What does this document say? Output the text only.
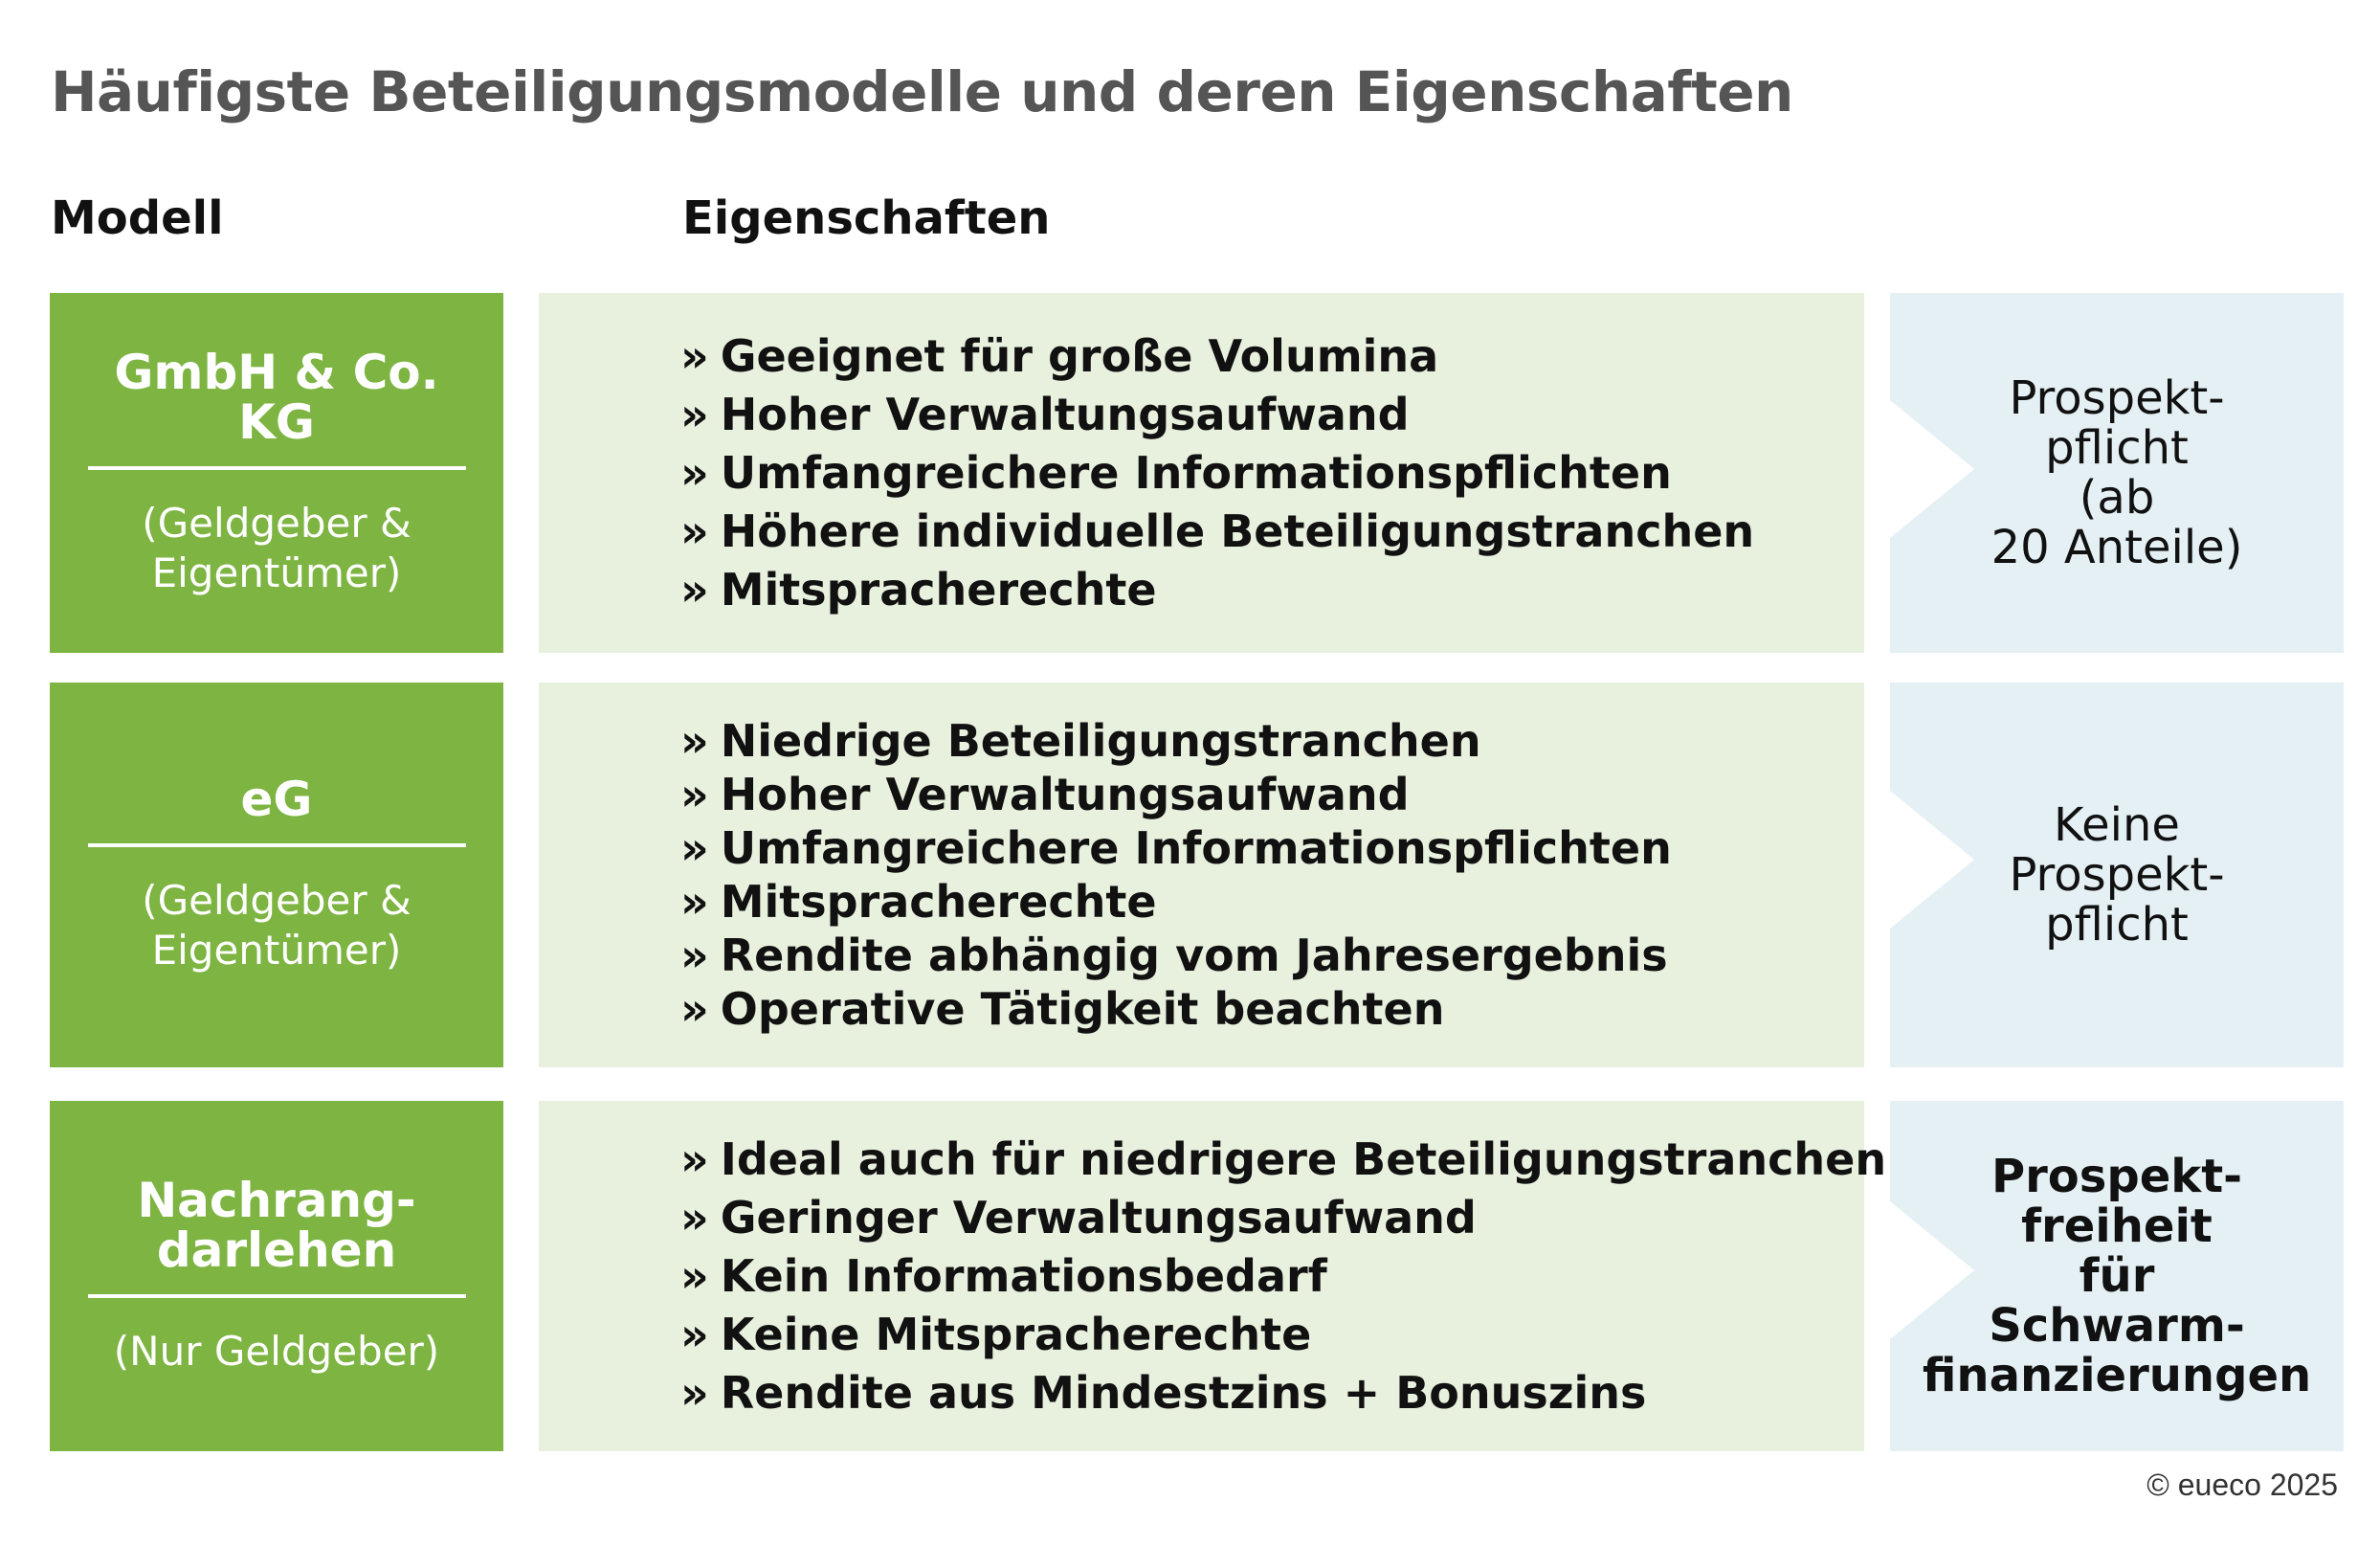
Häufigste Beteiligungsmodelle und deren Eigenschaften
Modell	Eigenschaften
GmbH & Co. KG
(Geldgeber & Eigentümer)
» Geeignet für große Volumina
» Hoher Verwaltungsaufwand
» Umfangreichere Informationspflichten
» Höhere individuelle Beteiligungstranchen
» Mitspracherechte
Prospekt-
pflicht
(ab
20 Anteile)
eG
(Geldgeber & Eigentümer)
» Niedrige Beteiligungstranchen
» Hoher Verwaltungsaufwand
» Umfangreichere Informationspflichten
» Mitspracherechte
» Rendite abhängig vom Jahresergebnis
» Operative Tätigkeit beachten
Keine
Prospekt-
pflicht
Nachrang-
darlehen
(Nur Geldgeber)
» Ideal auch für niedrigere Beteiligungstranchen
» Geringer Verwaltungsaufwand
» Kein Informationsbedarf
» Keine Mitspracherechte
» Rendite aus Mindestzins + Bonuszins
Prospekt-
freiheit
für
Schwarm-
finanzierungen
© eueco 2025
